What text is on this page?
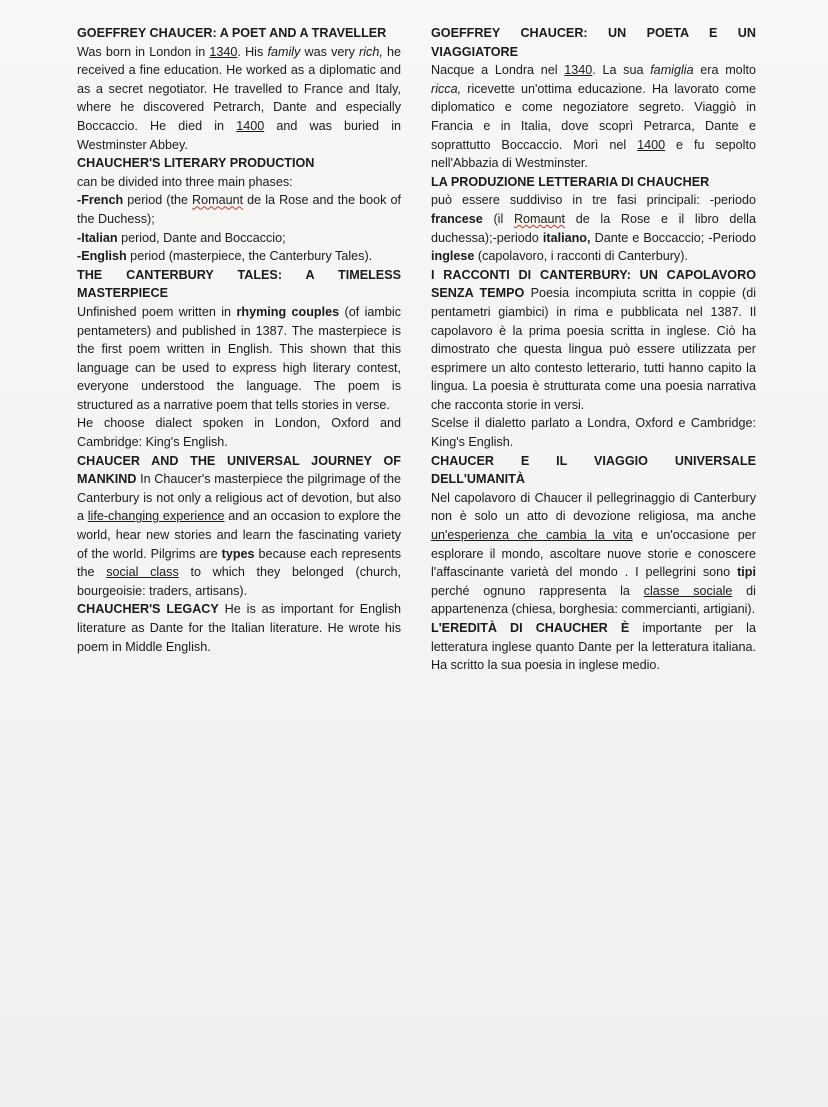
GOEFFREY CHAUCER: A POET AND A TRAVELLER

Was born in London in 1340. His family was very rich, he received a fine education. He worked as a diplomatic and as a secret negotiator. He travelled to France and Italy, where he discovered Petrarch, Dante and especially Boccaccio. He died in 1400 and was buried in Westminster Abbey.

CHAUCHER'S LITERARY PRODUCTION

can be divided into three main phases:

-French period (the Romaunt de la Rose and the book of the Duchess);

-Italian period, Dante and Boccaccio;

-English period (masterpiece, the Canterbury Tales).

THE CANTERBURY TALES: A TIMELESS MASTERPIECE

Unfinished poem written in rhyming couples (of iambic pentameters) and published in 1387. The masterpiece is the first poem written in English. This shown that this language can be used to express high literary contest, everyone understood the language. The poem is structured as a narrative poem that tells stories in verse.

He choose dialect spoken in London, Oxford and Cambridge: King's English.

CHAUCER AND THE UNIVERSAL JOURNEY OF MANKIND In Chaucer's masterpiece the pilgrimage of the Canterbury is not only a religious act of devotion, but also a life-changing experience and an occasion to explore the world, hear new stories and learn the fascinating variety of the world. Pilgrims are types because each represents the social class to which they belonged (church, bourgeoisie: traders, artisans).

CHAUCHER'S LEGACY He is as important for English literature as Dante for the Italian literature. He wrote his poem in Middle English.

GOEFFREY CHAUCER: UN POETA E UN VIAGGIATORE

Nacque a Londra nel 1340. La sua famiglia era molto ricca, ricevette un'ottima educazione. Ha lavorato come diplomatico e come negoziatore segreto. Viaggiò in Francia e in Italia, dove scoprì Petrarca, Dante e soprattutto Boccaccio. Morì nel 1400 e fu sepolto nell'Abbazia di Westminster.

LA PRODUZIONE LETTERARIA DI CHAUCHER

può essere suddiviso in tre fasi principali: -periodo francese (il Romaunt de la Rose e il libro della duchessa);-periodo italiano, Dante e Boccaccio; -Periodo inglese (capolavoro, i racconti di Canterbury).

I RACCONTI DI CANTERBURY: UN CAPOLAVORO SENZA TEMPO Poesia incompiuta scritta in coppie (di pentametri giambici) in rima e pubblicata nel 1387. Il capolavoro è la prima poesia scritta in inglese. Ciò ha dimostrato che questa lingua può essere utilizzata per esprimere un alto contesto letterario, tutti hanno capito la lingua. La poesia è strutturata come una poesia narrativa che racconta storie in versi.

Scelse il dialetto parlato a Londra, Oxford e Cambridge: King's English.

CHAUCER E IL VIAGGIO UNIVERSALE DELL'UMANITÀ

Nel capolavoro di Chaucer il pellegrinaggio di Canterbury non è solo un atto di devozione religiosa, ma anche un'esperienza che cambia la vita e un'occasione per esplorare il mondo, ascoltare nuove storie e conoscere l'affascinante varietà del mondo . I pellegrini sono tipi perché ognuno rappresenta la classe sociale di appartenenza (chiesa, borghesia: commercianti, artigiani).

L'EREDITÀ DI CHAUCHER È importante per la letteratura inglese quanto Dante per la letteratura italiana. Ha scritto la sua poesia in inglese medio.
